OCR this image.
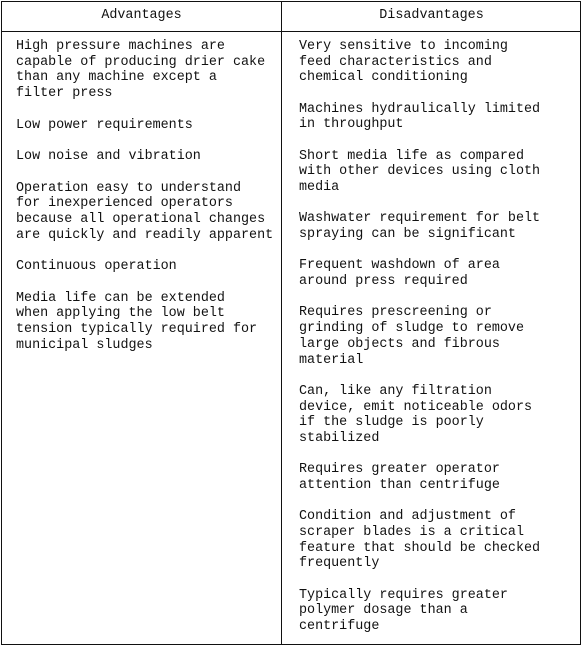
Advantages	Disadvantages
High pressure machines are
capable of producing drier cake
than any machine except a
filter press
Low power requirements
Low noise and vibration
Operation easy to understand
for inexperienced operators
because all operational changes
are quickly and readily apparent
Continuous operation
Media life can be extended
when applying the low belt
tension typically required for
municipal sludges
Very sensitive to incoming
feed characteristics and
chemical conditioning
Machines hydraulically limited
in throughput
Short media life as compared
with other devices using cloth
media
Washwater requirement for belt
spraying can be significant
Frequent washdown of area
around press required
Requires prescreening or
grinding of sludge to remove
large objects and fibrous
material
Can, like any filtration
device, emit noticeable odors
if the sludge is poorly
stabilized
Requires greater operator
attention than centrifuge
Condition and adjustment of
scraper blades is a critical
feature that should be checked
frequently
Typically requires greater
polymer dosage than a
centrifuge
